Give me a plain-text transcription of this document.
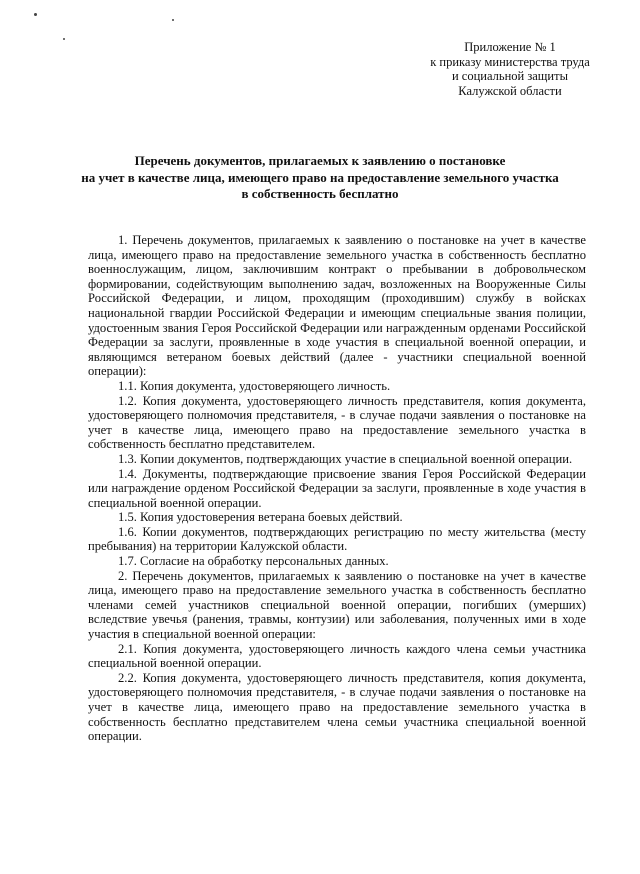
Приложение № 1
к приказу министерства труда
и социальной защиты
Калужской области
Перечень документов, прилагаемых к заявлению о постановке
на учет в качестве лица, имеющего право на предоставление земельного участка
в собственность бесплатно

1. Перечень документов, прилагаемых к заявлению о постановке на учет в качестве лица, имеющего право на предоставление земельного участка в собственность бесплатно военнослужащим, лицом, заключившим контракт о пребывании в добровольческом формировании, содействующим выполнению задач, возложенных на Вооруженные Силы Российской Федерации, и лицом, проходящим (проходившим) службу в войсках национальной гвардии Российской Федерации и имеющим специальные звания полиции, удостоенным звания Героя Российской Федерации или награжденным орденами Российской Федерации за заслуги, проявленные в ходе участия в специальной военной операции, и являющимся ветераном боевых действий (далее - участники специальной военной операции):

1.1. Копия документа, удостоверяющего личность.

1.2. Копия документа, удостоверяющего личность представителя, копия документа, удостоверяющего полномочия представителя, - в случае подачи заявления о постановке на учет в качестве лица, имеющего право на предоставление земельного участка в собственность бесплатно представителем.

1.3. Копии документов, подтверждающих участие в специальной военной операции.

1.4. Документы, подтверждающие присвоение звания Героя Российской Федерации или награждение орденом Российской Федерации за заслуги, проявленные в ходе участия в специальной военной операции.

1.5. Копия удостоверения ветерана боевых действий.

1.6. Копии документов, подтверждающих регистрацию по месту жительства (месту пребывания) на территории Калужской области.

1.7. Согласие на обработку персональных данных.

2. Перечень документов, прилагаемых к заявлению о постановке на учет в качестве лица, имеющего право на предоставление земельного участка в собственность бесплатно членами семей участников специальной военной операции, погибших (умерших) вследствие увечья (ранения, травмы, контузии) или заболевания, полученных ими в ходе участия в специальной военной операции:

2.1. Копия документа, удостоверяющего личность каждого члена семьи участника специальной военной операции.

2.2. Копия документа, удостоверяющего личность представителя, копия документа, удостоверяющего полномочия представителя, - в случае подачи заявления о постановке на учет в качестве лица, имеющего право на предоставление земельного участка в собственность бесплатно представителем члена семьи участника специальной военной операции.
